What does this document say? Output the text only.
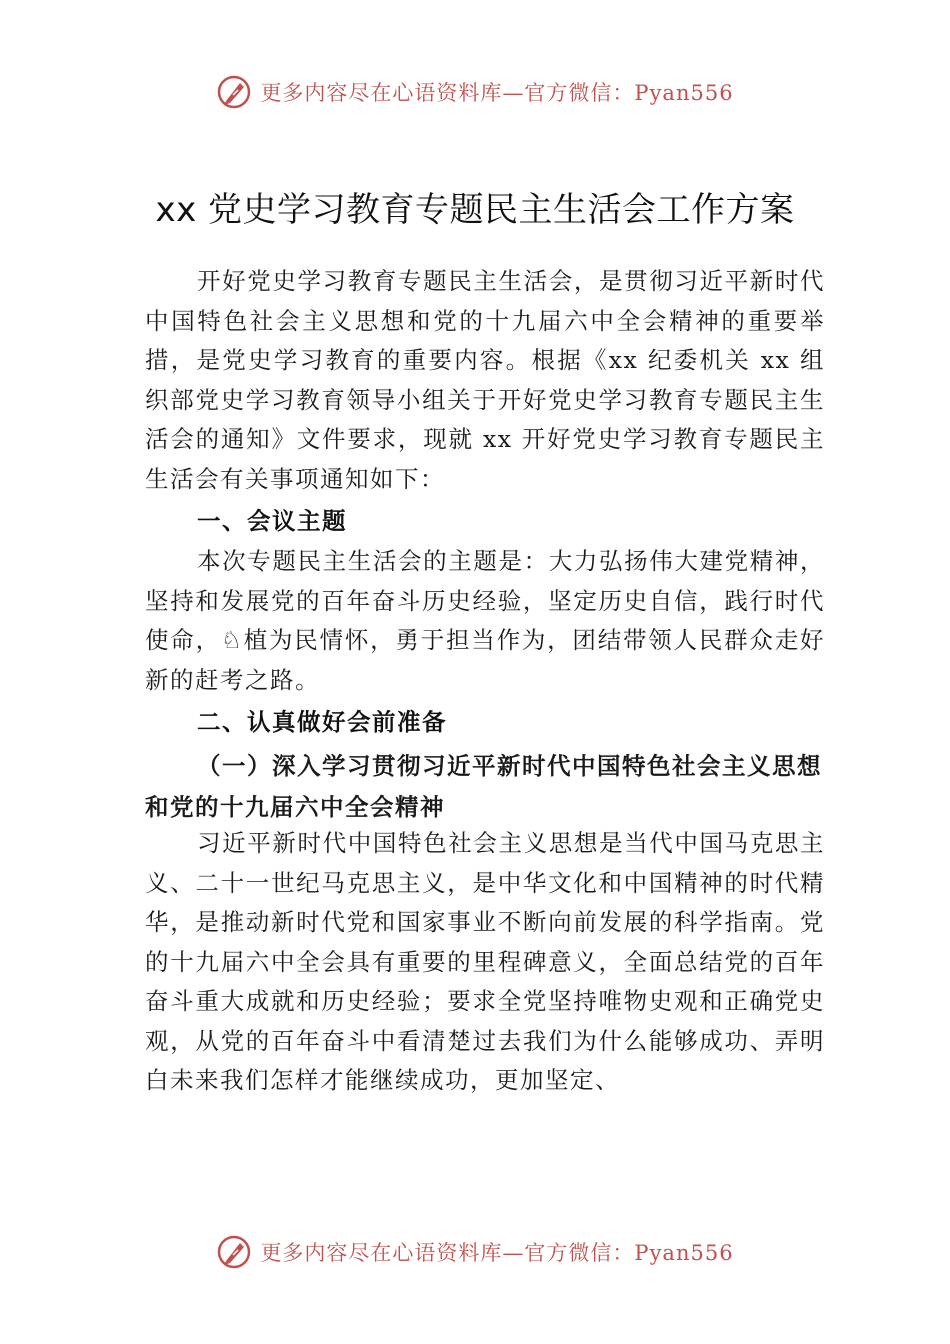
更多内容尽在心语资料库—官方微信：Pyan556
xx 党史学习教育专题民主生活会工作方案

开好党史学习教育专题民主生活会，是贯彻习近平新时代中国特色社会主义思想和党的十九届六中全会精神的重要举措，是党史学习教育的重要内容。根据《xx 纪委机关 xx 组织部党史学习教育领导小组关于开好党史学习教育专题民主生活会的通知》文件要求，现就 xx 开好党史学习教育专题民主生活会有关事项通知如下：

一、会议主题

本次专题民主生活会的主题是：大力弘扬伟大建党精神，坚持和发展党的百年奋斗历史经验，坚定历史自信，践行时代使命，♘植为民情怀，勇于担当作为，团结带领人民群众走好新的赶考之路。

二、认真做好会前准备

（一）深入学习贯彻习近平新时代中国特色社会主义思想和党的十九届六中全会精神

习近平新时代中国特色社会主义思想是当代中国马克思主义、二十一世纪马克思主义，是中华文化和中国精神的时代精华，是推动新时代党和国家事业不断向前发展的科学指南。党的十九届六中全会具有重要的里程碑意义，全面总结党的百年奋斗重大成就和历史经验；要求全党坚持唯物史观和正确党史观，从党的百年奋斗中看清楚过去我们为什么能够成功、弄明白未来我们怎样才能继续成功，更加坚定、

更多内容尽在心语资料库—官方微信：Pyan556
